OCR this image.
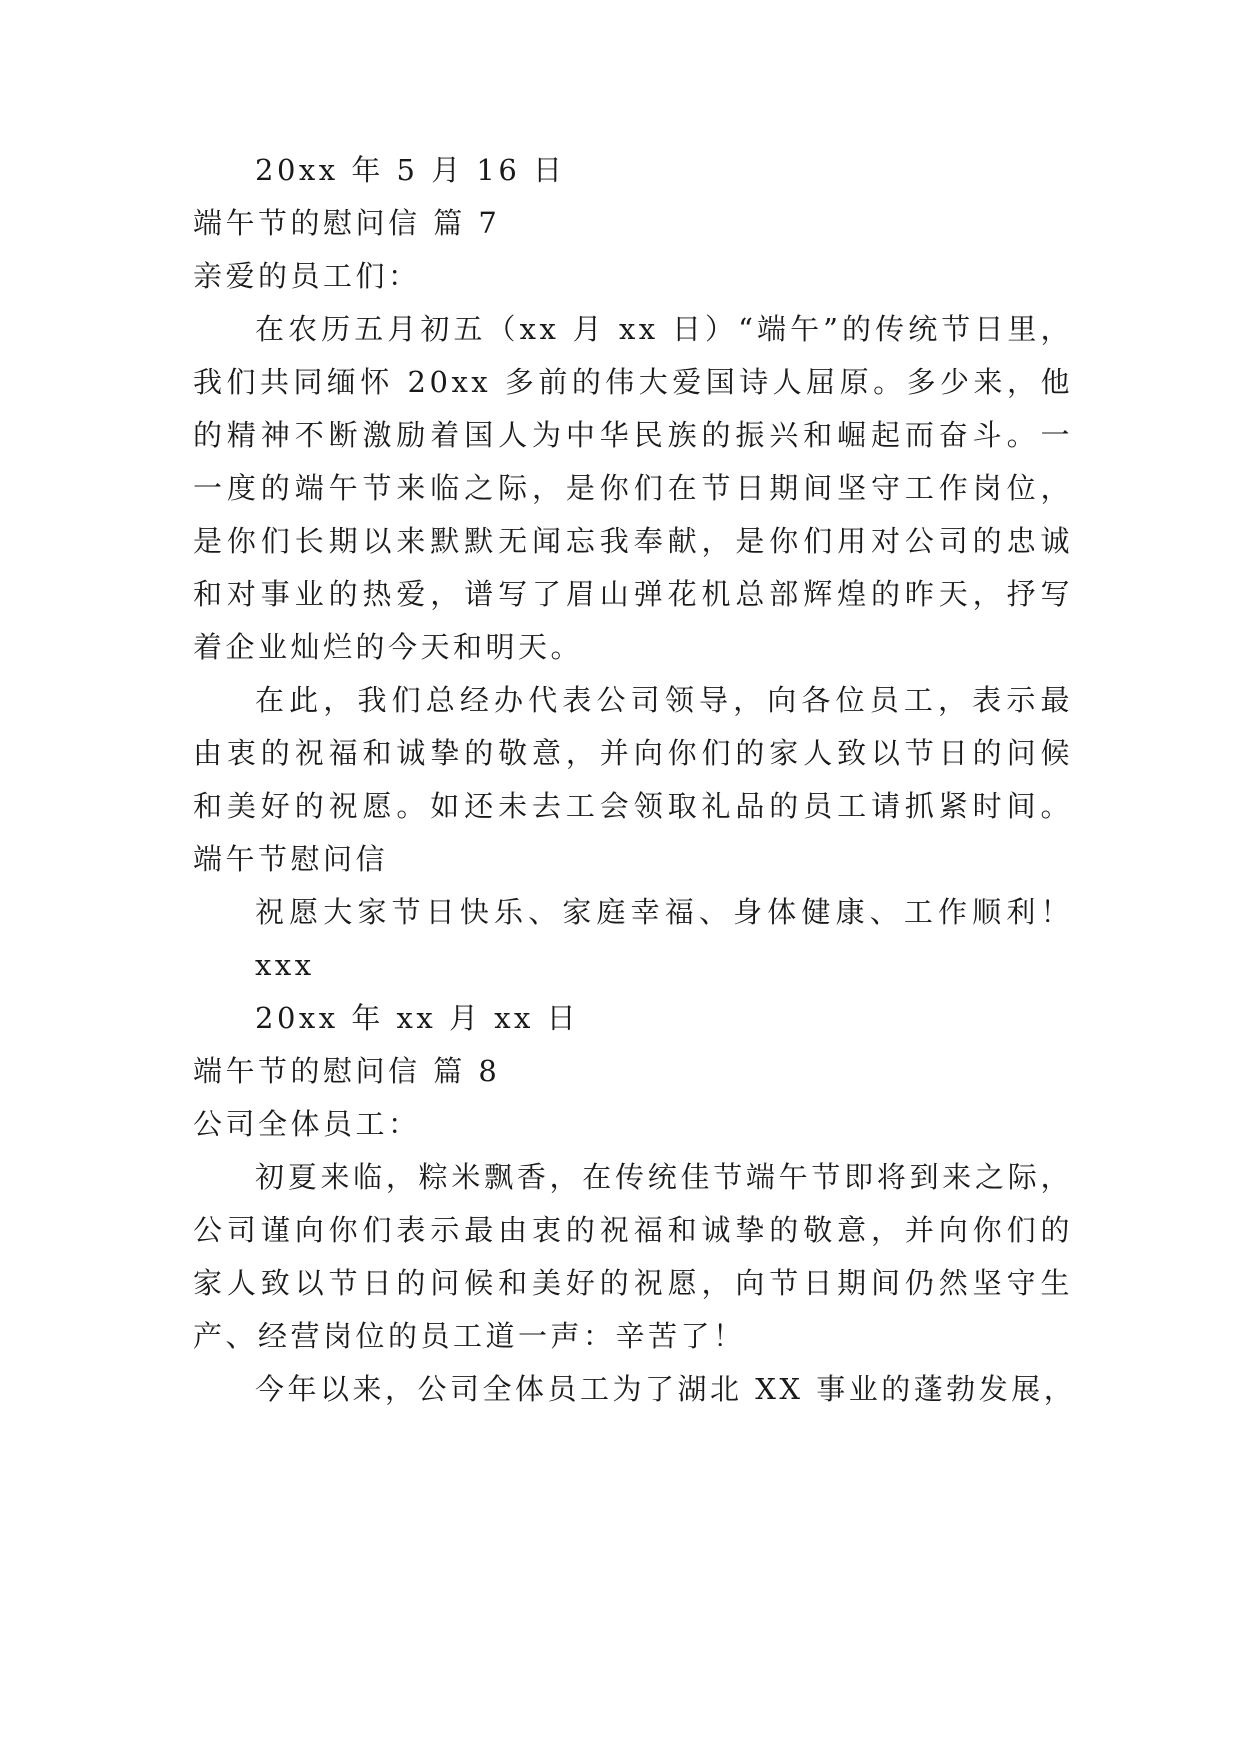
20xx 年 5 月 16 日
端午节的慰问信 篇 7
亲爱的员工们：
在农历五月初五（xx 月 xx 日）“端午”的传统节日里，
我们共同缅怀 20xx 多前的伟大爱国诗人屈原。多少来，他
的精神不断激励着国人为中华民族的振兴和崛起而奋斗。一
一度的端午节来临之际，是你们在节日期间坚守工作岗位，
是你们长期以来默默无闻忘我奉献，是你们用对公司的忠诚
和对事业的热爱，谱写了眉山弹花机总部辉煌的昨天，抒写
着企业灿烂的今天和明天。
在此，我们总经办代表公司领导，向各位员工，表示最
由衷的祝福和诚挚的敬意，并向你们的家人致以节日的问候
和美好的祝愿。如还未去工会领取礼品的员工请抓紧时间。
端午节慰问信
祝愿大家节日快乐、家庭幸福、身体健康、工作顺利！
xxx
20xx 年 xx 月 xx 日
端午节的慰问信 篇 8
公司全体员工：
初夏来临，粽米飘香，在传统佳节端午节即将到来之际，
公司谨向你们表示最由衷的祝福和诚挚的敬意，并向你们的
家人致以节日的问候和美好的祝愿，向节日期间仍然坚守生
产、经营岗位的员工道一声：辛苦了！
今年以来，公司全体员工为了湖北 XX 事业的蓬勃发展，
